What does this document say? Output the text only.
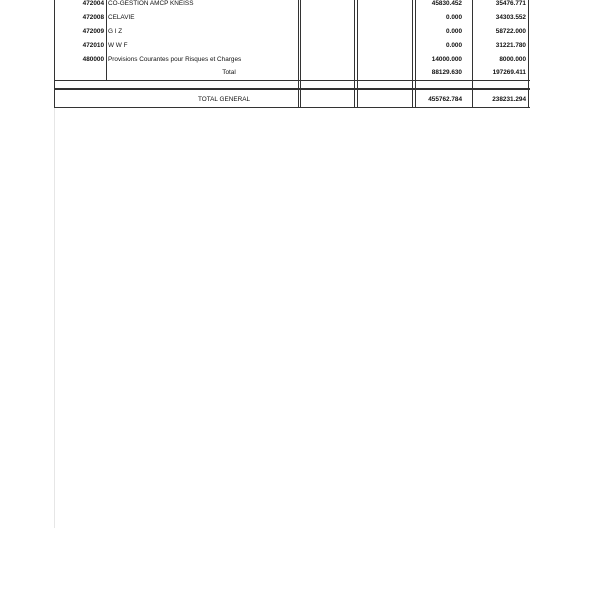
472004 CO-GESTION AMCP KNEISS	45830.452	35476.771
472008 CELAVIE	0.000	34303.552
472009 G I Z	0.000	58722.000
472010 W W F	0.000	31221.780
480000 Provisions Courantes pour Risques et Charges	14000.000	8000.000
Total	88129.630	197269.411
TOTAL GENERAL	455762.784	238231.294
